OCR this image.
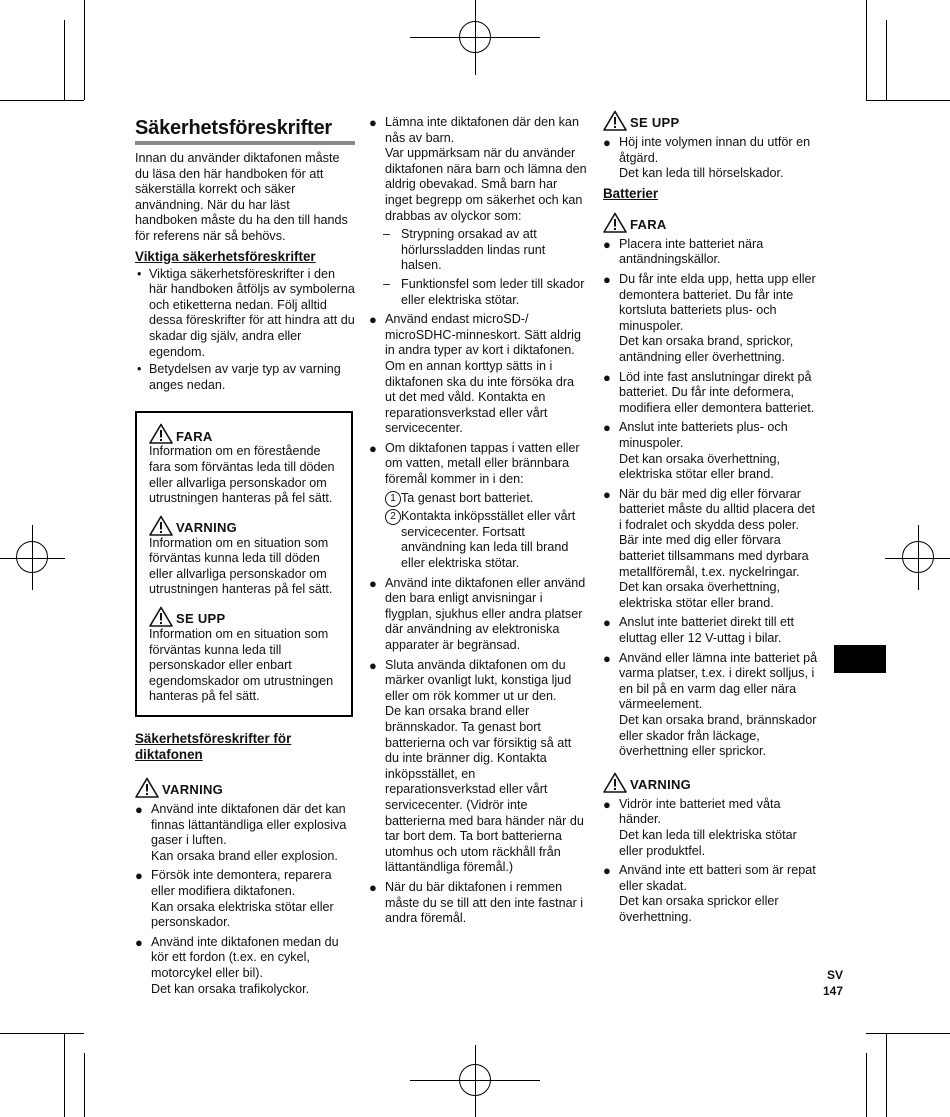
Säkerhetsföreskrifter

Innan du använder diktafonen måste du läsa den här handboken för att säkerställa korrekt och säker användning. När du har läst handboken måste du ha den till hands för referens när så behövs.

Viktiga säkerhetsföreskrifter
• Viktiga säkerhetsföreskrifter i den här handboken åtföljs av symbolerna och etiketterna nedan. Följ alltid dessa föreskrifter för att hindra att du skadar dig själv, andra eller egendom.
• Betydelsen av varje typ av varning anges nedan.
FARA

Information om en förestående fara som förväntas leda till döden eller allvarliga personskador om utrustningen hanteras på fel sätt.

VARNING

Information om en situation som förväntas kunna leda till döden eller allvarliga personskador om utrustningen hanteras på fel sätt.

SE UPP

Information om en situation som förväntas kunna leda till personskador eller enbart egendomskador om utrustningen hanteras på fel sätt.

Säkerhetsföreskrifter för diktafonen
VARNING
● Använd inte diktafonen där det kan finnas lättantändliga eller explosiva gaser i luften.

Kan orsaka brand eller explosion.

● Försök inte demontera, reparera eller modifiera diktafonen.

Kan orsaka elektriska stötar eller personskador.

● Använd inte diktafonen medan du kör ett fordon (t.ex. en cykel, motorcykel eller bil).

Det kan orsaka trafikolyckor.

● Lämna inte diktafonen där den kan nås av barn.

Var uppmärksam när du använder diktafonen nära barn och lämna den aldrig obevakad. Små barn har inget begrepp om säkerhet och kan drabbas av olyckor som:

– Strypning orsakad av att hörlurssladden lindas runt halsen.
– Funktionsfel som leder till skador eller elektriska stötar.
● Använd endast microSD-/ microSDHC-minneskort. Sätt aldrig in andra typer av kort i diktafonen.

Om en annan korttyp sätts in i diktafonen ska du inte försöka dra ut det med våld. Kontakta en reparationsverkstad eller vårt servicecenter.

● Om diktafonen tappas i vatten eller om vatten, metall eller brännbara föremål kommer in i den:

1 Ta genast bort batteriet.
2 Kontakta inköpsstället eller vårt servicecenter. Fortsatt användning kan leda till brand eller elektriska stötar.
● Använd inte diktafonen eller använd den bara enligt anvisningar i flygplan, sjukhus eller andra platser där användning av elektroniska apparater är begränsad.

● Sluta använda diktafonen om du märker ovanligt lukt, konstiga ljud eller om rök kommer ut ur den.

De kan orsaka brand eller brännskador. Ta genast bort batterierna och var försiktig så att du inte bränner dig. Kontakta inköpsstället, en reparationsverkstad eller vårt servicecenter. (Vidrör inte batterierna med bara händer när du tar bort dem. Ta bort batterierna utomhus och utom räckhåll från lättantändliga föremål.)

● När du bär diktafonen i remmen måste du se till att den inte fastnar i andra föremål.

SE UPP
● Höj inte volymen innan du utför en åtgärd.

Det kan leda till hörselskador.

Batterier
FARA
● Placera inte batteriet nära antändningskällor.

● Du får inte elda upp, hetta upp eller demontera batteriet. Du får inte kortsluta batteriets plus- och minuspoler.

Det kan orsaka brand, sprickor, antändning eller överhettning.

● Löd inte fast anslutningar direkt på batteriet. Du får inte deformera, modifiera eller demontera batteriet.

● Anslut inte batteriets plus- och minuspoler.

Det kan orsaka överhettning, elektriska stötar eller brand.

● När du bär med dig eller förvarar batteriet måste du alltid placera det i fodralet och skydda dess poler. Bär inte med dig eller förvara batteriet tillsammans med dyrbara metallföremål, t.ex. nyckelringar.

Det kan orsaka överhettning, elektriska stötar eller brand.

● Anslut inte batteriet direkt till ett eluttag eller 12 V-uttag i bilar.

● Använd eller lämna inte batteriet på varma platser, t.ex. i direkt solljus, i en bil på en varm dag eller nära värmeelement.

Det kan orsaka brand, brännskador eller skador från läckage, överhettning eller sprickor.

VARNING
● Vidrör inte batteriet med våta händer.

Det kan leda till elektriska stötar eller produktfel.

● Använd inte ett batteri som är repat eller skadat.

Det kan orsaka sprickor eller överhettning.

SV
147
